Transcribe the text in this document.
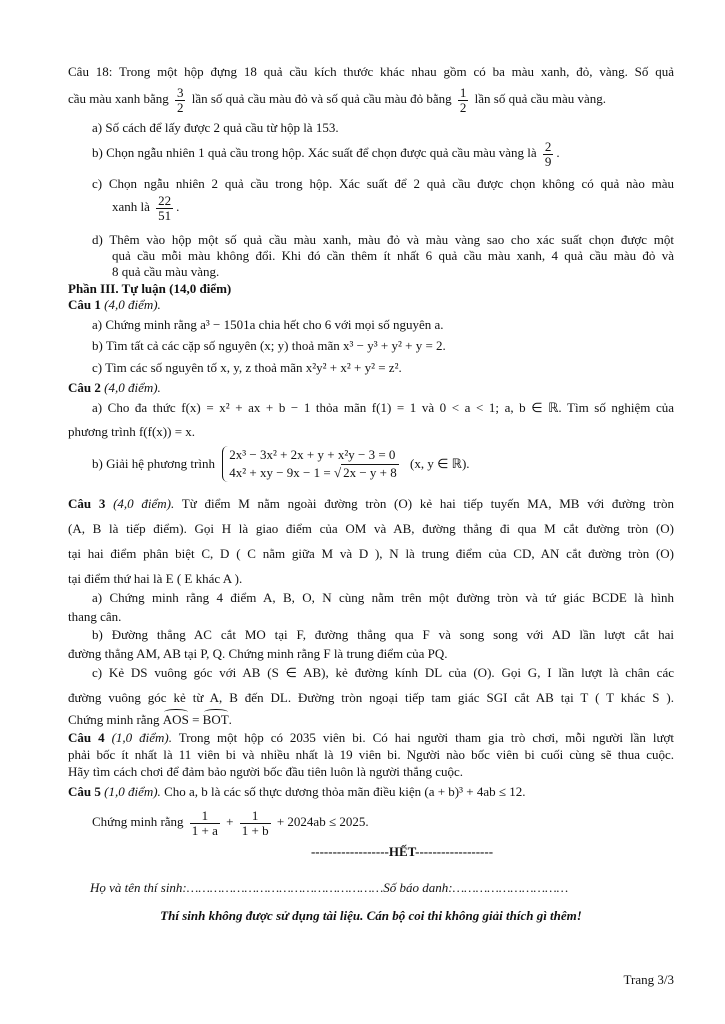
Câu 18: Trong một hộp đựng 18 quả cầu kích thước khác nhau gồm có ba màu xanh, đỏ, vàng. Số quả
cầu màu xanh bằng $\frac{3}{2}$ lần số quả cầu màu đỏ và số quả cầu màu đỏ bằng $\frac{1}{2}$ lần số quả cầu màu vàng.
a) Số cách để lấy được 2 quả cầu từ hộp là 153.
b) Chọn ngẫu nhiên 1 quả cầu trong hộp. Xác suất để chọn được quả cầu màu vàng là $\frac{2}{9}$ .
c) Chọn ngẫu nhiên 2 quả cầu trong hộp. Xác suất để 2 quả cầu được chọn không có quả nào màu
xanh là $\frac{22}{51}$ .
d) Thêm vào hộp một số quả cầu màu xanh, màu đỏ và màu vàng sao cho xác suất chọn được một
quả cầu mỗi màu không đổi. Khi đó cần thêm ít nhất 6 quả cầu màu xanh, 4 quả cầu màu đỏ và
8 quả cầu màu vàng.
Phần III. Tự luận (14,0 điểm)
Câu 1 (4,0 điểm).
a) Chứng minh rằng a³ − 1501a chia hết cho 6 với mọi số nguyên a.
b) Tìm tất cả các cặp số nguyên (x; y) thoả mãn x³ − y³ + y² + y = 2.
c) Tìm các số nguyên tố x, y, z thoả mãn x²y² + x² + y² = z².
Câu 2 (4,0 điểm).
a) Cho đa thức f(x) = x² + ax + b − 1 thỏa mãn f(1) = 1 và 0 < a < 1; a, b ∈ ℝ. Tìm số nghiệm của
phương trình f(f(x)) = x.
b) Giải hệ phương trình
2x³ − 3x² + 2x + y + x²y − 3 = 0
4x² + xy − 9x − 1 = √ 2x − y + 8
(x, y ∈ ℝ).
Câu 3 (4,0 điểm). Từ điểm M nằm ngoài đường tròn (O) kẻ hai tiếp tuyến MA, MB với đường tròn
(A, B là tiếp điểm). Gọi H là giao điểm của OM và AB, đường thẳng đi qua M cắt đường tròn (O)
tại hai điểm phân biệt C, D ( C nằm giữa M và D ), N là trung điểm của CD, AN cắt đường tròn (O)
tại điểm thứ hai là E ( E khác A ).
a) Chứng minh rằng 4 điểm A, B, O, N cùng nằm trên một đường tròn và tứ giác BCDE là hình
thang cân.
b) Đường thẳng AC cắt MO tại F, đường thẳng qua F và song song với AD lần lượt cắt hai
đường thẳng AM, AB tại P, Q. Chứng minh rằng F là trung điểm của PQ.
c) Kẻ DS vuông góc với AB (S ∈ AB), kẻ đường kính DL của (O). Gọi G, I lần lượt là chân các
đường vuông góc kẻ từ A, B đến DL. Đường tròn ngoại tiếp tam giác SGI cắt AB tại T ( T khác S ).
Chứng minh rằng AOS = BOT.
Câu 4 (1,0 điểm). Trong một hộp có 2035 viên bi. Có hai người tham gia trò chơi, mỗi người lần lượt
phải bốc ít nhất là 11 viên bi và nhiều nhất là 19 viên bi. Người nào bốc viên bi cuối cùng sẽ thua cuộc.
Hãy tìm cách chơi để đảm bảo người bốc đầu tiên luôn là người thắng cuộc.
Câu 5 (1,0 điểm). Cho a, b là các số thực dương thỏa mãn điều kiện (a + b)³ + 4ab ≤ 12.
Chứng minh rằng $\frac{1}{1 + a} + \frac{1}{1 + b} + 2024ab \le 2025$.
------------------HẾT------------------
Họ và tên thí sinh:……………………………………………Số báo danh:…………………………
Thí sinh không được sử dụng tài liệu. Cán bộ coi thi không giải thích gì thêm!
Trang 3/3
